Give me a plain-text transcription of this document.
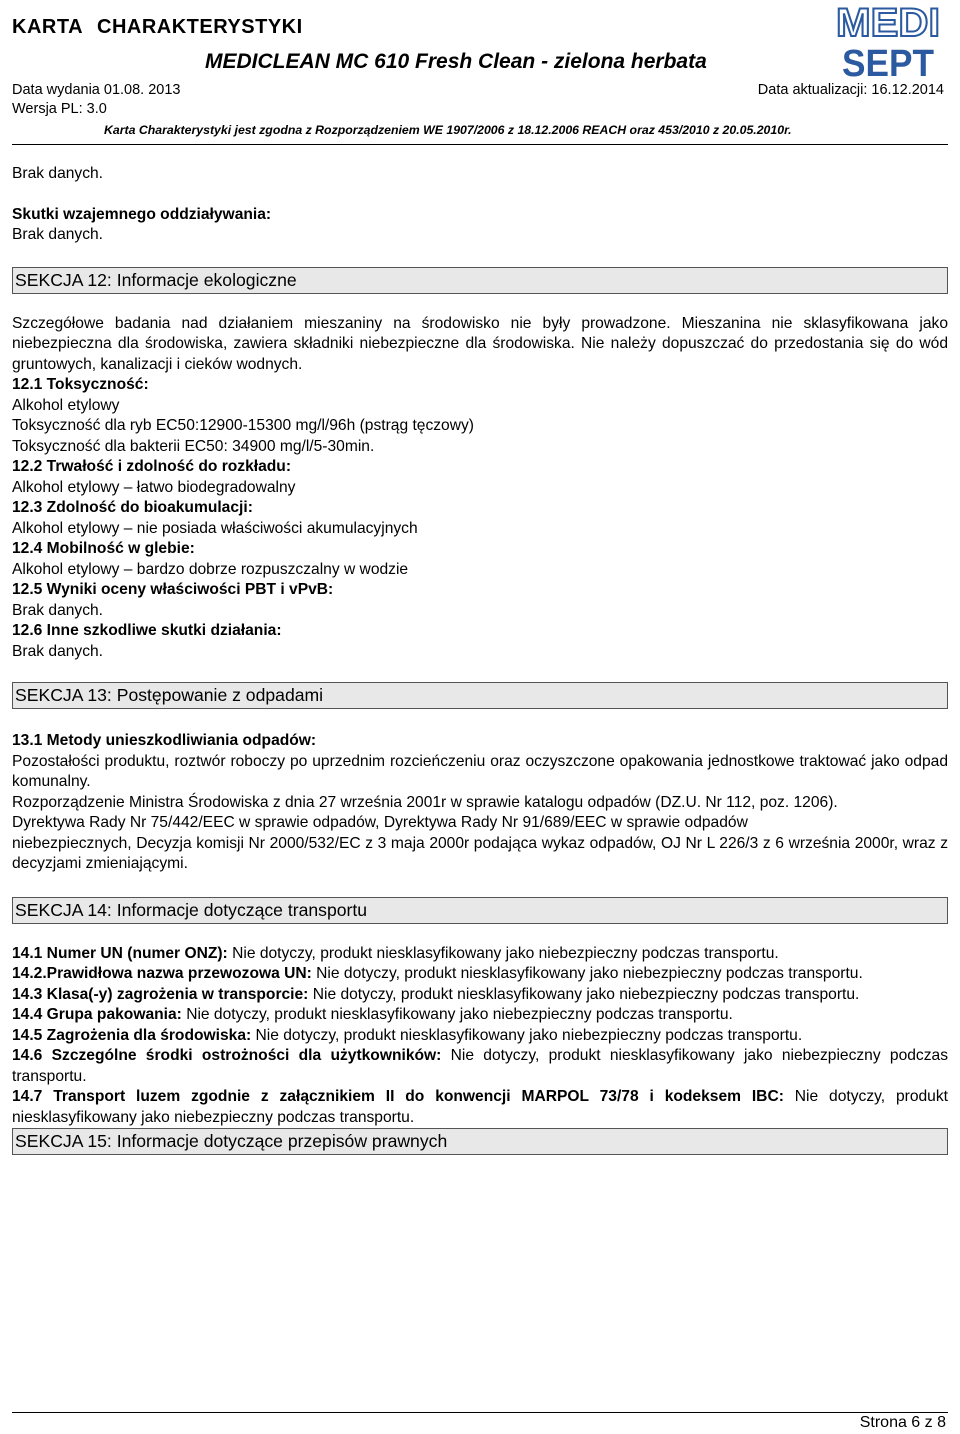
KARTA CHARAKTERYSTYKI
MEDICLEAN MC 610 Fresh Clean - zielona herbata
Data wydania 01.08. 2013	Data aktualizacji: 16.12.2014
Wersja PL: 3.0
Karta Charakterystyki jest zgodna z Rozporządzeniem WE 1907/2006 z 18.12.2006 REACH oraz 453/2010 z 20.05.2010r.
MEDI
SEPT

Brak danych.

Skutki wzajemnego oddziaływania:

Brak danych.

SEKCJA 12: Informacje ekologiczne

Szczegółowe badania nad działaniem mieszaniny na środowisko nie były prowadzone. Mieszanina nie sklasyfikowana jako niebezpieczna dla środowiska, zawiera składniki niebezpieczne dla środowiska. Nie należy dopuszczać do przedostania się do wód gruntowych, kanalizacji i cieków wodnych.

12.1 Toksyczność:

Alkohol etylowy

Toksyczność dla ryb EC50:12900-15300 mg/l/96h (pstrąg tęczowy)

Toksyczność dla bakterii EC50: 34900 mg/l/5-30min.

12.2 Trwałość i zdolność do rozkładu:

Alkohol etylowy – łatwo biodegradowalny

12.3 Zdolność do bioakumulacji:

Alkohol etylowy – nie posiada właściwości akumulacyjnych

12.4 Mobilność w glebie:

Alkohol etylowy – bardzo dobrze rozpuszczalny w wodzie

12.5 Wyniki oceny właściwości PBT i vPvB:

Brak danych.

12.6 Inne szkodliwe skutki działania:

Brak danych.

SEKCJA 13: Postępowanie z odpadami

13.1 Metody unieszkodliwiania odpadów:

Pozostałości produktu, roztwór roboczy po uprzednim rozcieńczeniu oraz oczyszczone opakowania jednostkowe traktować jako odpad komunalny.

Rozporządzenie Ministra Środowiska z dnia 27 września 2001r w sprawie katalogu odpadów (DZ.U. Nr 112, poz. 1206).

Dyrektywa Rady Nr 75/442/EEC w sprawie odpadów, Dyrektywa Rady Nr 91/689/EEC w sprawie odpadów

niebezpiecznych, Decyzja komisji Nr 2000/532/EC z 3 maja 2000r podająca wykaz odpadów, OJ Nr L 226/3 z 6 września 2000r, wraz z decyzjami zmieniającymi.

SEKCJA 14: Informacje dotyczące transportu

14.1 Numer UN (numer ONZ): Nie dotyczy, produkt niesklasyfikowany jako niebezpieczny podczas transportu.

14.2.Prawidłowa nazwa przewozowa UN: Nie dotyczy, produkt niesklasyfikowany jako niebezpieczny podczas transportu.

14.3 Klasa(-y) zagrożenia w transporcie: Nie dotyczy, produkt niesklasyfikowany jako niebezpieczny podczas transportu.

14.4 Grupa pakowania: Nie dotyczy, produkt niesklasyfikowany jako niebezpieczny podczas transportu.

14.5 Zagrożenia dla środowiska: Nie dotyczy, produkt niesklasyfikowany jako niebezpieczny podczas transportu.

14.6 Szczególne środki ostrożności dla użytkowników: Nie dotyczy, produkt niesklasyfikowany jako niebezpieczny podczas transportu.

14.7 Transport luzem zgodnie z załącznikiem II do konwencji MARPOL 73/78 i kodeksem IBC: Nie dotyczy, produkt niesklasyfikowany jako niebezpieczny podczas transportu.

SEKCJA 15: Informacje dotyczące przepisów prawnych
Strona 6 z 8
